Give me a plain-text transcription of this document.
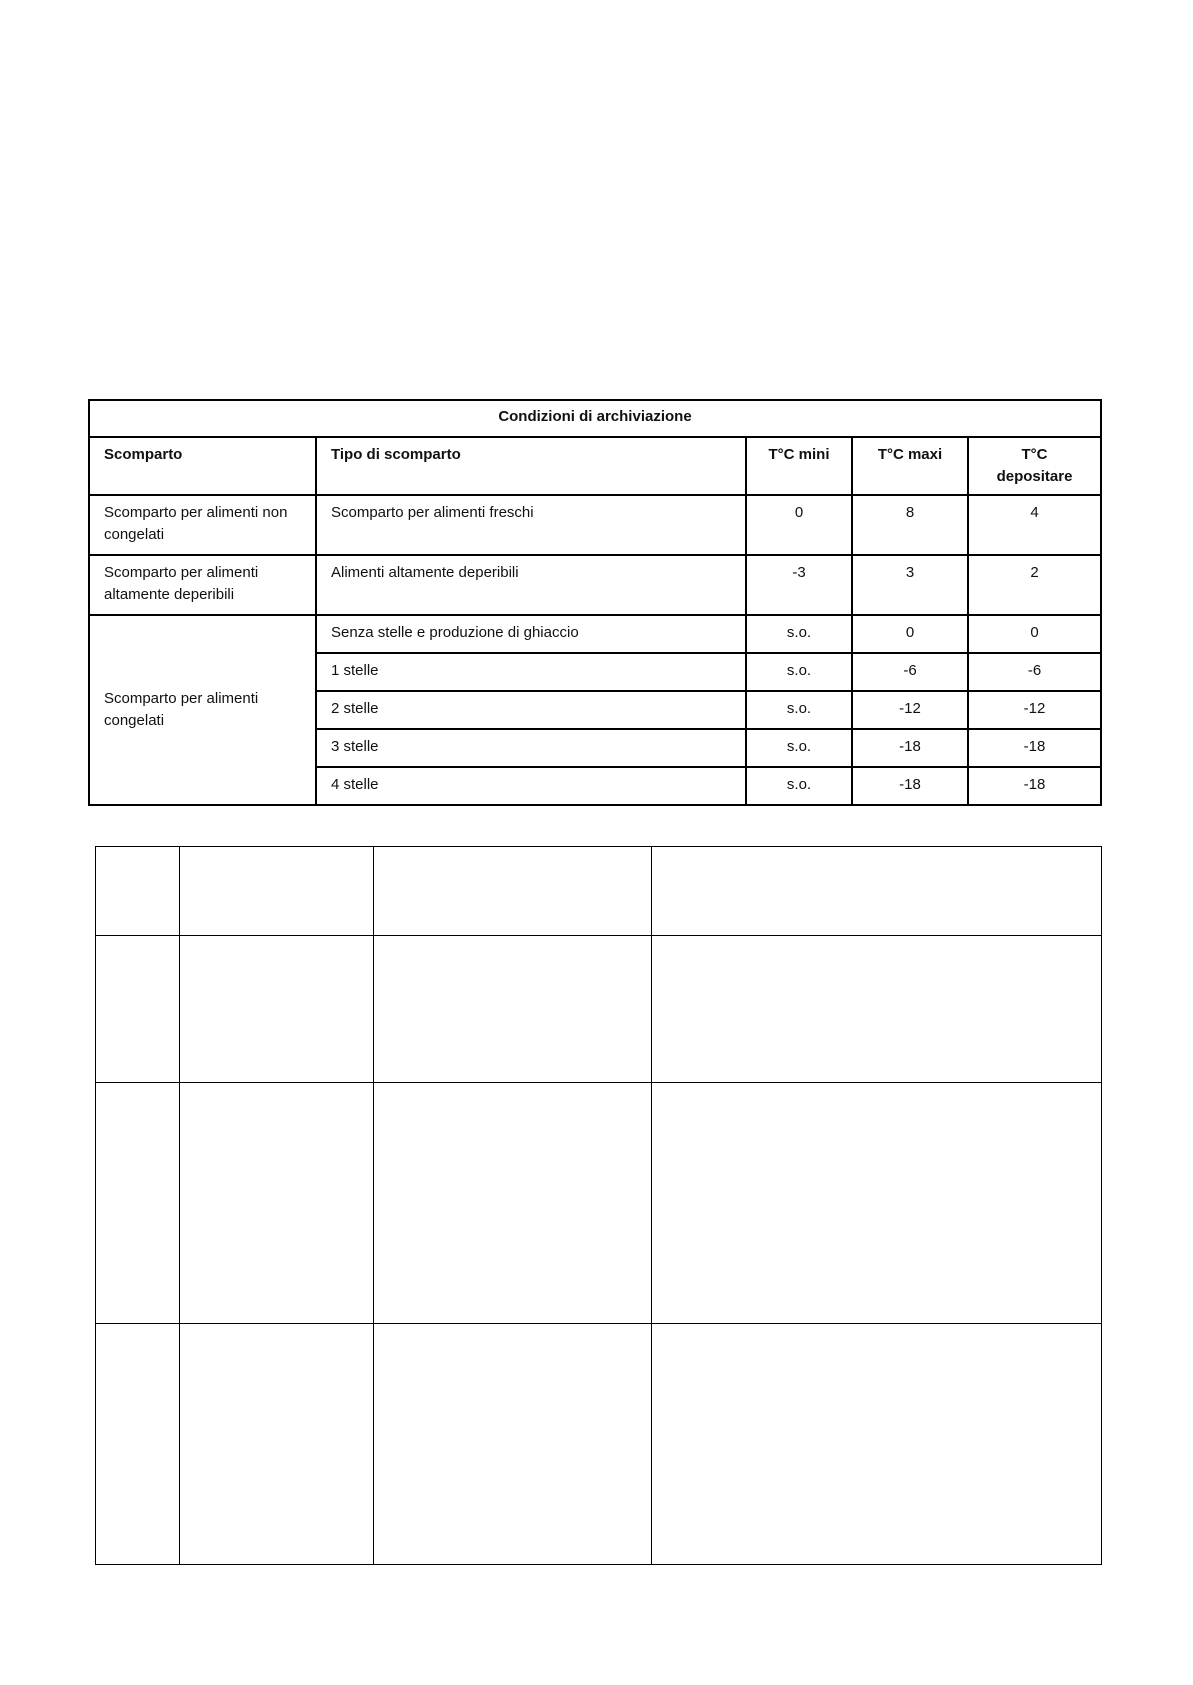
Condizioni di archiviazione				
Scomparto	Tipo di scomparto	T°C mini	T°C maxi	T°C depositare
Scomparto per alimenti non congelati	Scomparto per alimenti freschi	0	8	4
Scomparto per alimenti altamente deperibili	Alimenti altamente deperibili	-3	3	2
Scomparto per alimenti congelati	Senza stelle e produzione di ghiaccio	s.o.	0	0
	1 stelle	s.o.	-6	-6
	2 stelle	s.o.	-12	-12
	3 stelle	s.o.	-18	-18
	4 stelle	s.o.	-18	-18
